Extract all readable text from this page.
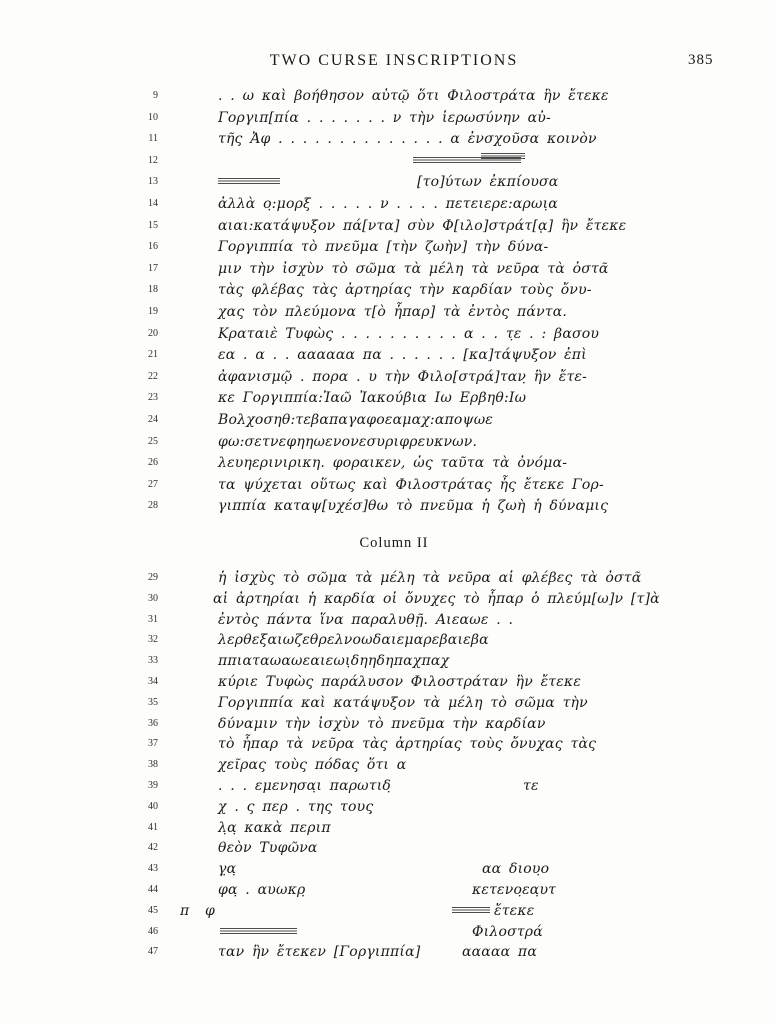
TWO CURSE INSCRIPTIONS	385
Column II
9	. . ω καὶ βοήθησον αὐτῷ ὅτι Φιλοστράτα ἣν ἔτεκε
10	Γοργιπ[πία . . . . . . . ν τὴν ἱερωσύνην αὐ-
11	τῆς Ἀφ . . . . . . . . . . . . . . α ἐνσχοῦσα κοινὸν
12
13	[το]ύτων ἐκπίουσα
14	ἀλλὰ ο̣:μορξ . . . . . ν . . . . πετειερε:αρωι̣α
15	αιαι:κατάψυξον πά[ντα] σὺν Φ[ιλο]στράτ[ᾳ] ἣν ἔτεκε
16	Γοργιππία τὸ πνεῦμα [τὴν ζωὴν] τὴν δύνα-
17	μιν τὴν ἰσχὺν τὸ σῶμα τὰ μέλη τὰ νεῦρα τὰ ὀστᾶ
18	τὰς φλέβας τὰς ἀρτηρίας τὴν καρδίαν τοὺς ὄνυ-
19	χας τὸν πλεύμονα τ[ὸ ἧπαρ] τὰ ἐντὸς πάντα.
20	Κραταιὲ Τυφὼς . . . . . . . . . . α . . τ̣ε . : βασου
21	εα . α . . αααααα πα . . . . . . [κα]τάψυξον ἐπὶ
22	ἀφανισμῷ . πορα . υ τὴν Φιλο[στρά]ταν̣ ἣν ἔτε-
23	κε Γοργιππία:Ἰαῶ Ἰακούβια Ιω Ερβηθ:Ιω
24	Βολχοσηθ:τεβαπαγαφοεαμαχ:αποψωε
25	φω:σετνεφηηωενονεσυριφρευκνων.
26	λευηερινιρικη. φοραικεν, ὡς ταῦτα τὰ ὀνόμα-
27	τα ψύχεται οὕτως καὶ Φιλοστράτας ἧς ἔτεκε Γορ-
28	γιππία καταψ[υχέσ]θω τὸ πνεῦμα ἡ ζωὴ ἡ δύναμις
29	ἡ ἰσχὺς τὸ σῶμα τὰ μέλη τὰ νεῦρα αἱ φλέβες τὰ ὀστᾶ
30	αἱ ἀρτηρίαι ἡ καρδία οἱ ὄνυχες τὸ ἧπαρ ὁ πλεύμ[ω]ν [τ]ὰ
31	ἐντὸς πάντα ἵνα παραλυθῇ. Αιεαωε . .
32	λερθεξαιωζεθρελνοωδαιεμαρεβαιεβα
33	ππιαταωαωεαιεωι̣δηηδηπαχπαχ
34	κύριε Τυφὼς παράλυσον Φιλοστράταν ἣν ἔτεκε
35	Γοργιππία καὶ κατάψυξον τὰ μέλη τὸ σῶμα τὴν
36	δύναμιν τὴν ἰσχὺν τὸ πνεῦμα τὴν καρδίαν
37	τὸ ἧπαρ τὰ νεῦρα τὰς ἀρτηρίας τοὺς ὄνυχας τὰς
38	χεῖρας τοὺς πόδας ὅτι α
39	. . . εμενησα̣ι παρωτιδ̣	τε
40	χ . ς περ . της τους̣
41	λ̣α̣ κακὰ περιπ
42	θεὸν Τυφῶνα
43	γ̣α̣	αα διου̣ο
44	φα̣ . αυωκρ̣	κετενο̣εα̣υτ
45 π φ	ἔτεκε
46	Φιλοστρά
47	ταν ἣν ἔτεκεν [Γοργιππία]	ααααα πα
